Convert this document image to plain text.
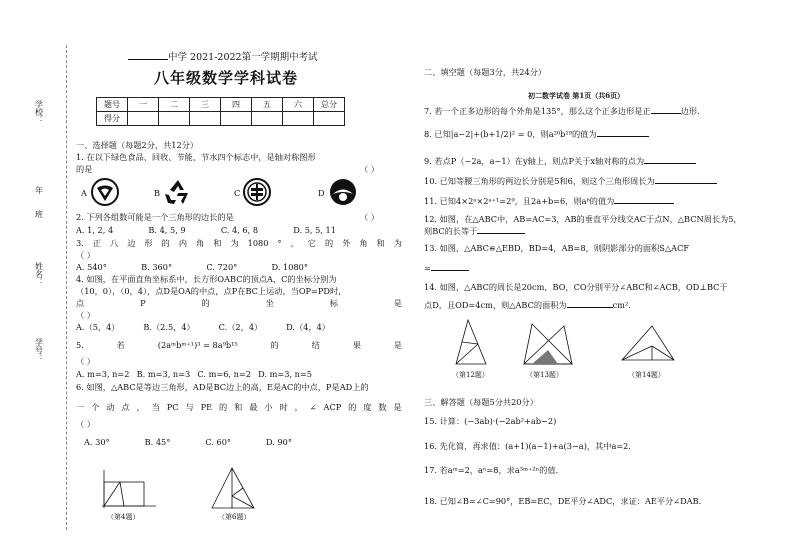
学校：
年
班
姓名：
学号：
中学 2021-2022第一学期期中考试
八年级数学学科试卷
题号	一	二	三	四	五	六	总分
得分							
一、选择题（每题2分，共12分）
1. 在以下绿色食品、回收、节能、节水四个标志中，是轴对称图形
的是	（ ）
A	B	C	D
2. 下列各组数可能是一个三角形的边长的是	（ ）
A. 1, 2, 4	B. 4, 5, 9	C. 4, 6, 8	D. 5, 5, 11
3. 正 八 边 形 的 内 角 和 为 1080 ° ， 它 的 外 角 和 为
（ ）
A. 540°	B. 360°	C. 720°	D. 1080°
4. 如图，在平面直角坐标系中，长方形OABC的顶点A，C的坐标分别为
（10，0），（0，4），点D是OA的中点，点P在BC上运动，当OP=PD时，
点	P	的	坐	标	是
（ ）
A.（5，4）	B.（2.5，4）	C.（2，4）	D.（4，4）
5.	若	(2aᵐbᵐ⁺¹)³ = 8a⁹b¹⁵	的	结	果	是
（ ）
A. m=3, n=2 B. m=3, n=3 C. m=6, n=2 D. m=3, n=5
6. 如图，△ABC是等边三角形，AD是BC边上的高，E是AC的中点，P是AD上的
一 个 动 点 ， 当 PC 与 PE 的 和 最 小 时 ， ∠ ACP 的 度 数 是
（ ）
A. 30°	B. 45°	C. 60°	D. 90°
（第4题）	（第6题）
二、填空题（每题3分，共24分）
初二数学试卷 第1页（共6页）
7. 若一个正多边形的每个外角是135°，那么这个正多边形是正	边形.
8. 已知|a−2|+(b+1/2)² = 0，则a²⁰b¹⁹的值为
9. 若点P（−2a，a−1）在y轴上，则点P关于x轴对称的点为
10. 已知等腰三角形的两边长分别是5和6，则这个三角形周长为
11. 已知4×2ᵃ×2ᵃ⁺¹=2⁹，且2a+b=6，则aᵇ的值为
12. 如图，在△ABC中，AB=AC=3，AB的垂直平分线交AC于点N，△BCN周长为5，
则BC的长等于
13. 如图，△ABC≌△EBD，BD=4，AB=8，则阴影部分的面积S△ACF
=
14. 如图，△ABC的周长是20cm，BO，CO分别平分∠ABC和∠ACB，OD⊥BC于
点D，且OD=4cm，则△ABC的面积为	cm².
（第12题）	（第13题）	（第14题）
三、解答题（每题5分共20分）
15. 计算：(−3ab)·(−2ab²+ab−2)
16. 先化简，再求值：(a+1)(a−1)+a(3−a)，其中a=2.
17. 若aᵐ=2，aⁿ=8，求a³ᵐ⁺²ⁿ的值.
18. 已知∠B=∠C=90°，EB=EC，DE平分∠ADC，求证：AE平分∠DAB.
